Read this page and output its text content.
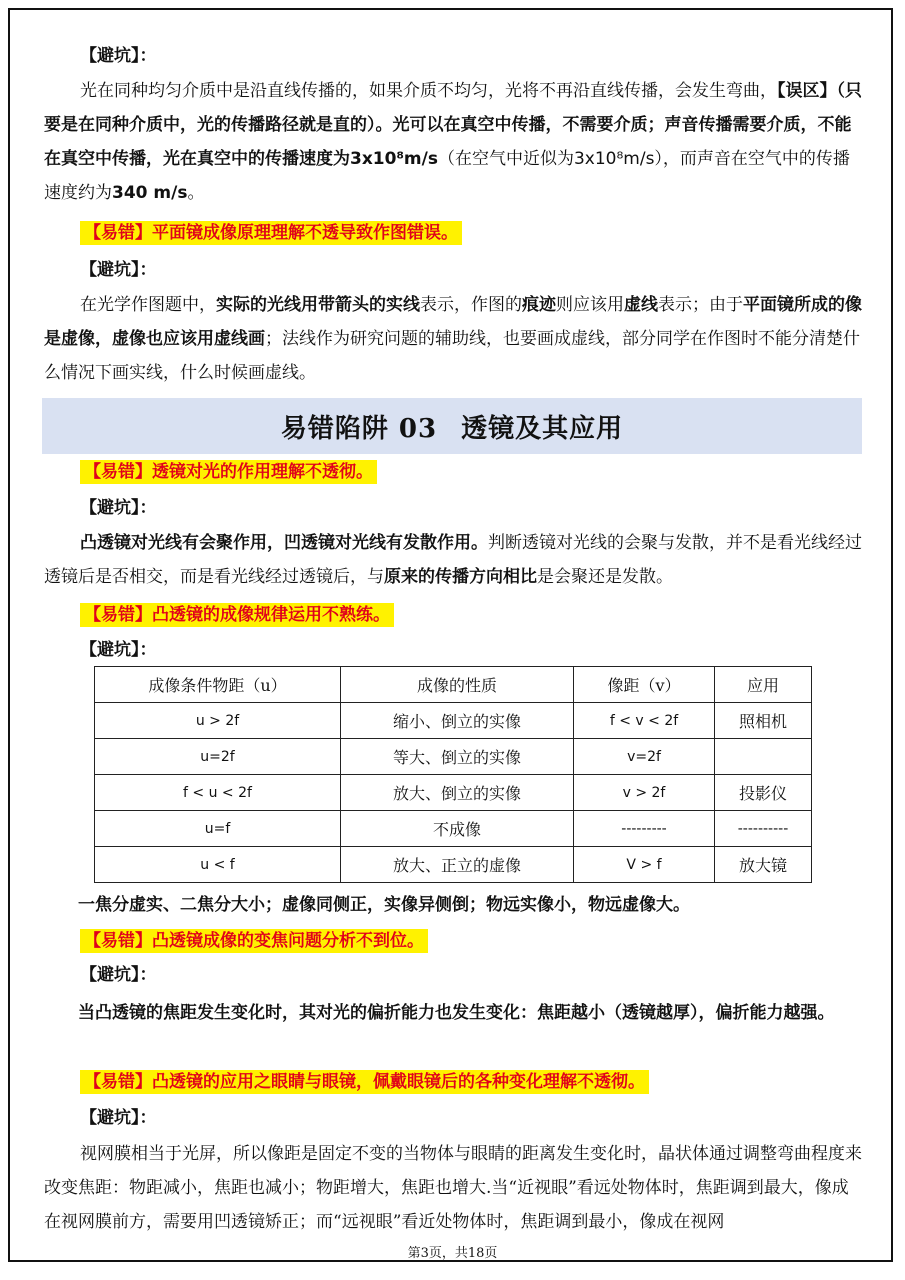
【避坑】：
光在同种均匀介质中是沿直线传播的，如果介质不均匀，光将不再沿直线传播，会发生弯曲，【误区】（只要是在同种介质中，光的传播路径就是直的）。光可以在真空中传播，不需要介质；声音传播需要介质，不能在真空中传播，光在真空中的传播速度为3x10⁸m/s（在空气中近似为3x10⁸m/s），而声音在空气中的传播速度约为340 m/s。
【易错】平面镜成像原理理解不透导致作图错误。
【避坑】：
在光学作图题中，实际的光线用带箭头的实线表示，作图的痕迹则应该用虚线表示；由于平面镜所成的像是虚像，虚像也应该用虚线画；法线作为研究问题的辅助线，也要画成虚线，部分同学在作图时不能分清楚什么情况下画实线，什么时候画虚线。
易错陷阱 03 透镜及其应用
【易错】透镜对光的作用理解不透彻。
【避坑】：
凸透镜对光线有会聚作用，凹透镜对光线有发散作用。判断透镜对光线的会聚与发散，并不是看光线经过透镜后是否相交，而是看光线经过透镜后，与原来的传播方向相比是会聚还是发散。
【易错】凸透镜的成像规律运用不熟练。
【避坑】：
成像条件物距（u）	成像的性质	像距（v）	应用
u > 2f	缩小、倒立的实像	f < v < 2f	照相机
u=2f	等大、倒立的实像	v=2f	
f < u < 2f	放大、倒立的实像	v > 2f	投影仪
u=f	不成像	---------	----------
u < f	放大、正立的虚像	V > f	放大镜
一焦分虚实、二焦分大小；虚像同侧正，实像异侧倒；物远实像小，物远虚像大。
【易错】凸透镜成像的变焦问题分析不到位。
【避坑】：
当凸透镜的焦距发生变化时，其对光的偏折能力也发生变化：焦距越小（透镜越厚），偏折能力越强。
【易错】凸透镜的应用之眼睛与眼镜，佩戴眼镜后的各种变化理解不透彻。
【避坑】：
视网膜相当于光屏，所以像距是固定不变的当物体与眼睛的距离发生变化时，晶状体通过调整弯曲程度来改变焦距：物距减小，焦距也减小；物距增大，焦距也增大.当“近视眼”看远处物体时，焦距调到最大，像成在视网膜前方，需要用凹透镜矫正；而“远视眼”看近处物体时，焦距调到最小，像成在视网
第3页，共18页
